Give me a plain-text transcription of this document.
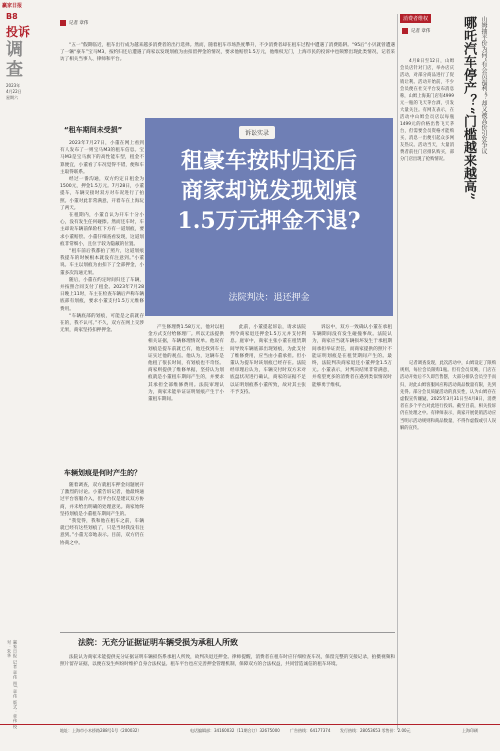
赢家日报
B8
投诉
调查
2023年
4月22日
星期六
赢家日报 记者 章伟 图/ 章伟 版式：章伟 校对：朱华
记者 章伟

“五一”假期临近，租车出行成为越来越多消费者的出行选择。然而，随着租车市场热度攀升，不少消费者却在租车过程中遭遇了消费陷阱。“95后”小贝就曾遭遇了一辆“豪车”宝马M3，按约归还后遭遇了商家以发现划痕为由扣留押金的情况，要求他赔偿1.5万元，他维权无门，上海市民的投诉中也频繁出现此类情况，记者采访了相关当事人、律师和平台。

“租车期间未受损”

2023年7月27日，小董在网上看到有人发布了一则宝马M3的租车信息。宝马M3是宝马旗下的高性能车型，租金不算便宜，小董看了车况觉得不错，便和车主取得联系。

经过一番沟通，双方约定日租金为1500元，押金1.5万元。7月28日，小董提车，车辆交接时双方对车况进行了拍照。小董对此非常满意，开着车在上海玩了两天。

在租期内，小董自认为开车十分小心，没有发生任何碰擦。然而还车时，车主却说车辆前保险杠下方有一道划痕，要求小董赔偿。小董仔细查看发现，这道划痕非常细小，且位于较为隐蔽的位置。

“租车前后我都拍了照片，这道划痕我提车的时候根本就没有注意到。”小董说。车主以划痕为由扣下了全部押金，小董多次沟通无果。

随后，小董在约定时间归还了车辆，并按照合同支付了租金。2023年7月28日晚上11时，车主在检查车辆后声称车辆底部有划痕，要求小董支付1.5万元维修费用。

“车辆底部的划痕，可能是之前就存在的，我不认可。”不久，双方在网上交涉无果，商家坚持扣押押金。

车辆划痕是何时产生的？

随着调查，双方就租车押金问题展开了激烈的讨论。小董告诉记者，他最终通过平台客服介入，但平台仅是建议双方协商，并未给出明确的处理意见。商家始终坚持划痕是小董租车期间产生的。

“我觉得，我和他在租车之前，车辆就已经有这些划痕了，只是当时我没有注意到。”小董无奈地表示。目前，双方仍在协商之中。

诉讼实录
租豪车按时归还后
商家却说发现划痕
1.5万元押金不退?
法院判决：退还押金

产生修理费1.58万元，他对以租金方式支付给修理厂。所以无法提供相关证据，车辆修理情况单。他说有划痕是提车前就已有，他还找到车主证实过他的观点。他认为，这辆车是他租了很长时间，有划痕也不奇怪。商家则提供了维修单据，坚持认为划痕就是小董租车期间产生的，并要求其承担全部维修费用。法院审理认为，商家未能举证证明划痕产生于小董租车期间。

此前，小董提起诉讼，请求法院判令商家退还押金1.5万元并支付利息。庭审中，商家主张小董在租赁期间导致车辆底部出现划痕，为此支付了维修费用，应当由小董承担。但小董认为提车时该划痕已经存在。法院经审理后认为，车辆交付时双方未对底盘状况进行确认，商家的证据不足以证明划痕系小董所致，故对其主张不予支持。

诉讼中，双方一致确认小董在承租车辆期间没有发生碰撞事故。法院认为，商家应当就车辆损坏发生于承租期间承担举证责任，而商家提供的照片不能证明划痕是在租赁期间产生的。最终，法院判决商家退还小董押金1.5万元。小董表示，对判决结果非常满意，并希望更多的消费者在遇到类似情况时能够勇于维权。

法院：无充分证据证明车辆受损为承租人所致

法院认为商家未能提供充分证据证明车辆损伤系承租人所致，故判决退还押金。律师提醒，消费者在租车时应仔细检查车况，保留完整的交接记录，拍摄视频和照片留存证据，以便在发生纠纷时维护自身合法权益。租车平台也应完善押金管理机制，保障双方的合法权益，共同营造诚信的租车环境。

消费者维权
记者 章伟

4月8日至12日，山姆会员店针对门店，举办店庆活动，对部分商品进行了促销让利。活动开始前，不少会员便在社交平台发布消息称，山姆上海某门店有4999元一瓶的飞天茅台酒，引发大量关注。有网友表示，在活动中山姆会员店以每瓶1499元的价格出售飞天茅台，但需要会员资格才能购买，消息一出便引起众多网友热议。活动当天，大量消费者前往门店排队购买，部分门店出现了抢购情况。	哪吒汽车停产？“门槛越来越高” 山姆抽平价为何“有会员福利”？却又被高价引发争议

记者调查发现，此次活动中，山姆设定了限购规则，每位会员限购1瓶。但有会员反映，门店在活动开始后不久即告售罄，大部分排队会员空手而归，对此山姆客服回应称活动商品数量有限，先到先得。部分会员质疑活动的真实性，认为山姆存在虚假宣传嫌疑。2025年3月31日至4月8日，消费者在多个平台对此进行投诉。截至目前，相关投诉仍在处理之中。有律师表示，商家开展促销活动应当明示活动规则和商品数量，不得作虚假或引人误解的宣传。

地址：上海市小木桥路288号1号（200032）	电话编辑部：34160032（11期合订）32675000	广告热线：64177374 发行热线：28053653 零售价：2.00元	上海印刷
